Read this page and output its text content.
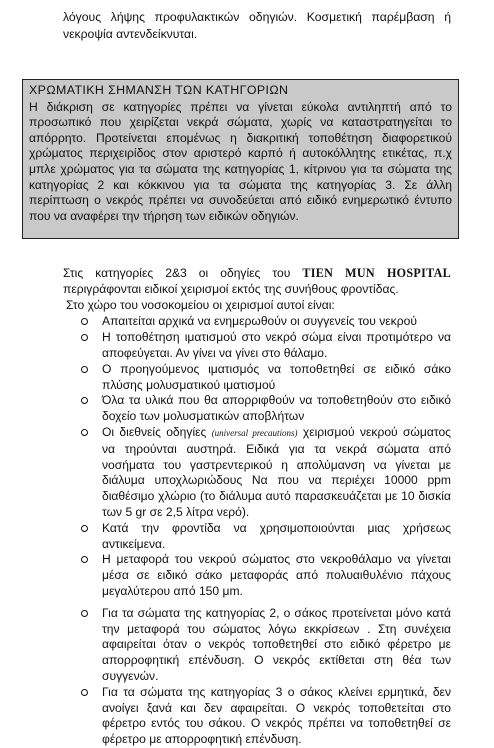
λόγους λήψης προφυλακτικών οδηγιών. Κοσμετική παρέμβαση ή νεκροψία αντενδείκνυται.

ΧΡΩΜΑΤΙΚΗ ΣΗΜΑΝΣΗ ΤΩΝ ΚΑΤΗΓΟΡΙΩΝ

Η διάκριση σε κατηγορίες πρέπει να γίνεται εύκολα αντιληπτή από το προσωπικό που χειρίζεται νεκρά σώματα, χωρίς να καταστρατηγείται το απόρρητο. Προτείνεται επομένως η διακριτική τοποθέτηση διαφορετικού χρώματος περιχειρίδος στον αριστερό καρπό ή αυτοκόλλητης ετικέτας, π.χ μπλε χρώματος για τα σώματα της κατηγορίας 1, κίτρινου για τα σώματα της κατηγορίας 2 και κόκκινου για τα σώματα της κατηγορίας 3. Σε άλλη περίπτωση ο νεκρός πρέπει να συνοδεύεται από ειδικό ενημερωτικό έντυπο που να αναφέρει την τήρηση των ειδικών οδηγιών.

Στις κατηγορίες 2&3 οι οδηγίες του TIEN MUN HOSPITAL περιγράφονται ειδικοί χειρισμοί εκτός της συνήθους φροντίδας.

Στο χώρο του νοσοκομείου οι χειρισμοί αυτοί είναι:

Απαιτείται αρχικά να ενημερωθούν οι συγγενείς του νεκρού
Η τοποθέτηση ιματισμού στο νεκρό σώμα είναι προτιμότερο να αποφεύγεται. Αν γίνει να γίνει στο θάλαμο.
Ο προηγούμενος ιματισμός να τοποθετηθεί σε ειδικό σάκο πλύσης μολυσματικού ιματισμού
Όλα τα υλικά που θα απορριφθούν να τοποθετηθούν στο ειδικό δοχείο των μολυσματικών αποβλήτων
Οι διεθνείς οδηγίες (universal precautions) χειρισμού νεκρού σώματος να τηρούνται αυστηρά. Ειδικά για τα νεκρά σώματα από νοσήματα του γαστρεντερικού η απολύμανση να γίνεται με διάλυμα υποχλωριώδους Να που να περιέχει 10000 ppm διαθέσιμο χλώριο (το διάλυμα αυτό παρασκευάζεται με 10 δισκία των 5 gr σε 2,5 λίτρα νερό).
Κατά την φροντίδα να χρησιμοποιούνται μιας χρήσεως αντικείμενα.
Η μεταφορά του νεκρού σώματος στο νεκροθάλαμο να γίνεται μέσα σε ειδικό σάκο μεταφοράς από πολυαιθυλένιο πάχους μεγαλύτερου από 150 μm.
Για τα σώματα της κατηγορίας 2, ο σάκος προτείνεται μόνο κατά την μεταφορά του σώματος λόγω εκκρίσεων . Στη συνέχεια αφαιρείται όταν ο νεκρός τοποθετηθεί στο ειδικό φέρετρο με απορροφητική επένδυση. Ο νεκρός εκτίθεται στη θέα των συγγενών.
Για τα σώματα της κατηγορίας 3 ο σάκος κλείνει ερμητικά, δεν ανοίγει ξανά και δεν αφαιρείται. Ο νεκρός τοποθετείται στο φέρετρο εντός του σάκου. Ο νεκρός πρέπει να τοποθετηθεί σε φέρετρο με απορροφητική επένδυση.
